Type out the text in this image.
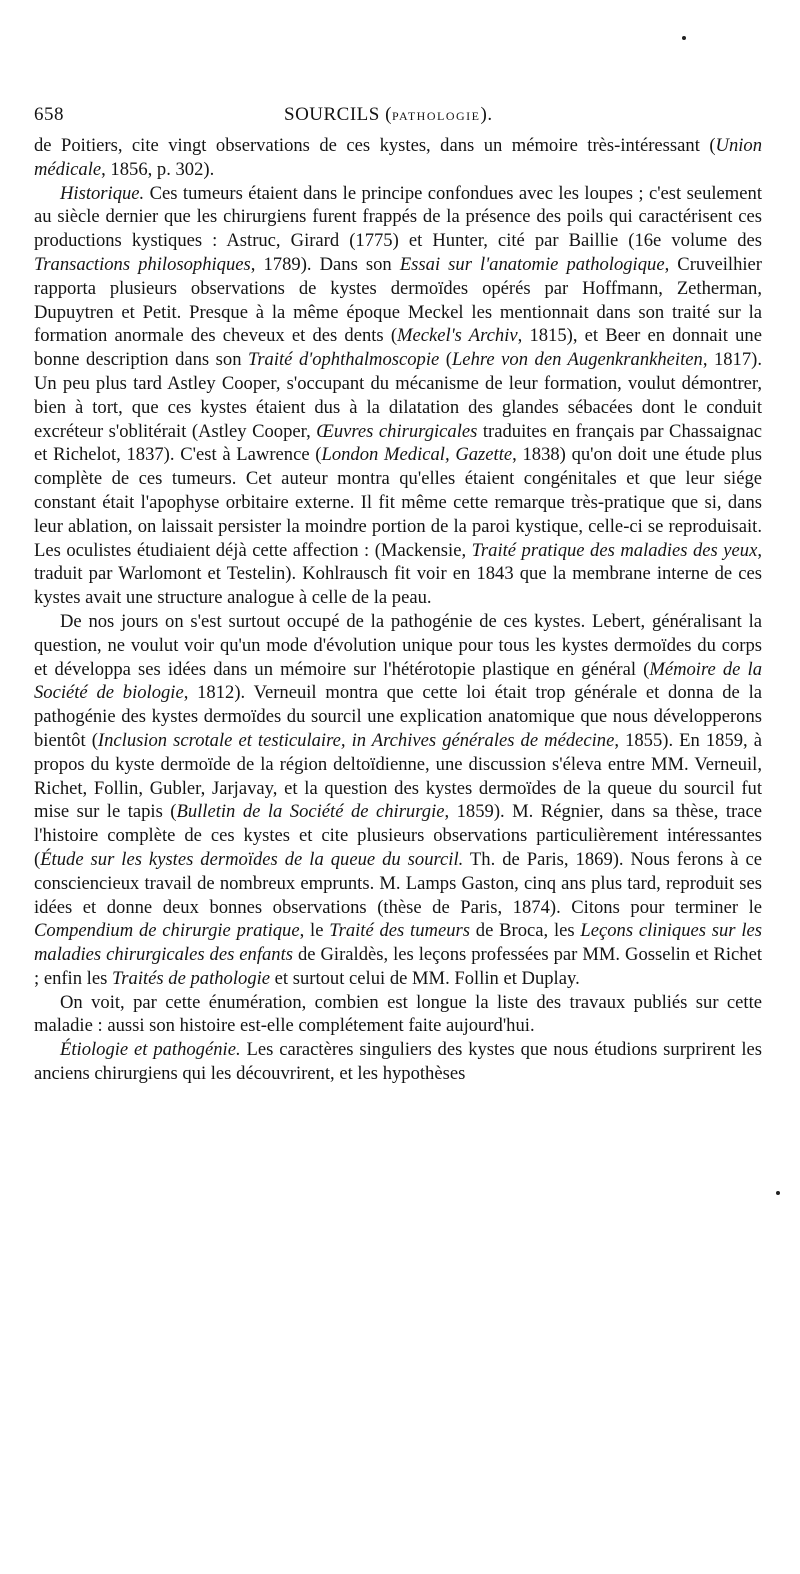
658	SOURCILS (PATHOLOGIE).

de Poitiers, cite vingt observations de ces kystes, dans un mémoire très-intéressant (Union médicale, 1856, p. 302).

Historique. Ces tumeurs étaient dans le principe confondues avec les loupes ; c'est seulement au siècle dernier que les chirurgiens furent frappés de la présence des poils qui caractérisent ces productions kystiques : Astruc, Girard (1775) et Hunter, cité par Baillie (16e volume des Transactions philosophiques, 1789). Dans son Essai sur l'anatomie pathologique, Cruveilhier rapporta plusieurs observations de kystes dermoïdes opérés par Hoffmann, Zetherman, Dupuytren et Petit. Presque à la même époque Meckel les mentionnait dans son traité sur la formation anormale des cheveux et des dents (Meckel's Archiv, 1815), et Beer en donnait une bonne description dans son Traité d'ophthalmoscopie (Lehre von den Augenkrankheiten, 1817). Un peu plus tard Astley Cooper, s'occupant du mécanisme de leur formation, voulut démontrer, bien à tort, que ces kystes étaient dus à la dilatation des glandes sébacées dont le conduit excréteur s'oblitérait (Astley Cooper, Œuvres chirurgicales traduites en français par Chassaignac et Richelot, 1837). C'est à Lawrence (London Medical, Gazette, 1838) qu'on doit une étude plus complète de ces tumeurs. Cet auteur montra qu'elles étaient congénitales et que leur siége constant était l'apophyse orbitaire externe. Il fit même cette remarque très-pratique que si, dans leur ablation, on laissait persister la moindre portion de la paroi kystique, celle-ci se reproduisait. Les oculistes étudiaient déjà cette affection : (Mackensie, Traité pratique des maladies des yeux, traduit par Warlomont et Testelin). Kohlrausch fit voir en 1843 que la membrane interne de ces kystes avait une structure analogue à celle de la peau.

De nos jours on s'est surtout occupé de la pathogénie de ces kystes. Lebert, généralisant la question, ne voulut voir qu'un mode d'évolution unique pour tous les kystes dermoïdes du corps et développa ses idées dans un mémoire sur l'hétérotopie plastique en général (Mémoire de la Société de biologie, 1812). Verneuil montra que cette loi était trop générale et donna de la pathogénie des kystes dermoïdes du sourcil une explication anatomique que nous développerons bientôt (Inclusion scrotale et testiculaire, in Archives générales de médecine, 1855). En 1859, à propos du kyste dermoïde de la région deltoïdienne, une discussion s'éleva entre MM. Verneuil, Richet, Follin, Gubler, Jarjavay, et la question des kystes dermoïdes de la queue du sourcil fut mise sur le tapis (Bulletin de la Société de chirurgie, 1859). M. Régnier, dans sa thèse, trace l'histoire complète de ces kystes et cite plusieurs observations particulièrement intéressantes (Étude sur les kystes dermoïdes de la queue du sourcil. Th. de Paris, 1869). Nous ferons à ce consciencieux travail de nombreux emprunts. M. Lamps Gaston, cinq ans plus tard, reproduit ses idées et donne deux bonnes observations (thèse de Paris, 1874). Citons pour terminer le Compendium de chirurgie pratique, le Traité des tumeurs de Broca, les Leçons cliniques sur les maladies chirurgicales des enfants de Giraldès, les leçons professées par MM. Gosselin et Richet ; enfin les Traités de pathologie et surtout celui de MM. Follin et Duplay.

On voit, par cette énumération, combien est longue la liste des travaux publiés sur cette maladie : aussi son histoire est-elle complétement faite aujourd'hui.

Étiologie et pathogénie. Les caractères singuliers des kystes que nous étudions surprirent les anciens chirurgiens qui les découvrirent, et les hypothèses
